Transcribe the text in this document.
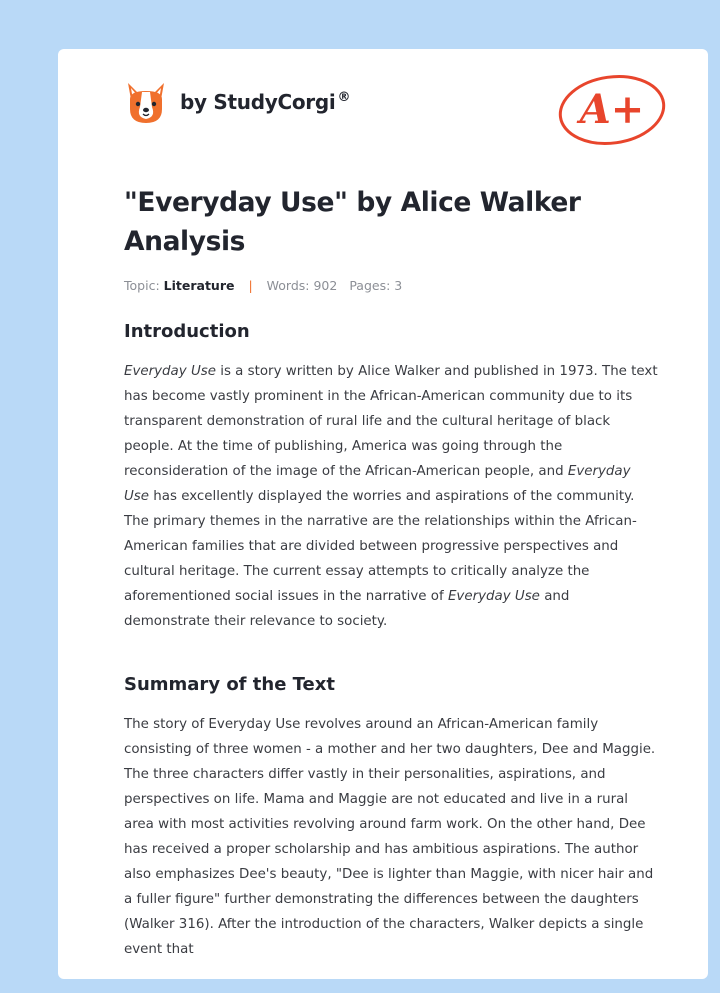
by StudyCorgi ®	A+
"Everyday Use" by Alice Walker Analysis
Topic: Literature | Words: 902 Pages: 3
Introduction

Everyday Use is a story written by Alice Walker and published in 1973. The text has become vastly prominent in the African-American community due to its transparent demonstration of rural life and the cultural heritage of black people. At the time of publishing, America was going through the reconsideration of the image of the African-American people, and Everyday Use has excellently displayed the worries and aspirations of the community. The primary themes in the narrative are the relationships within the African-American families that are divided between progressive perspectives and cultural heritage. The current essay attempts to critically analyze the aforementioned social issues in the narrative of Everyday Use and demonstrate their relevance to society.

Summary of the Text

The story of Everyday Use revolves around an African-American family consisting of three women - a mother and her two daughters, Dee and Maggie. The three characters differ vastly in their personalities, aspirations, and perspectives on life. Mama and Maggie are not educated and live in a rural area with most activities revolving around farm work. On the other hand, Dee has received a proper scholarship and has ambitious aspirations. The author also emphasizes Dee's beauty, "Dee is lighter than Maggie, with nicer hair and a fuller figure" further demonstrating the differences between the daughters (Walker 316). After the introduction of the characters, Walker depicts a single event that
